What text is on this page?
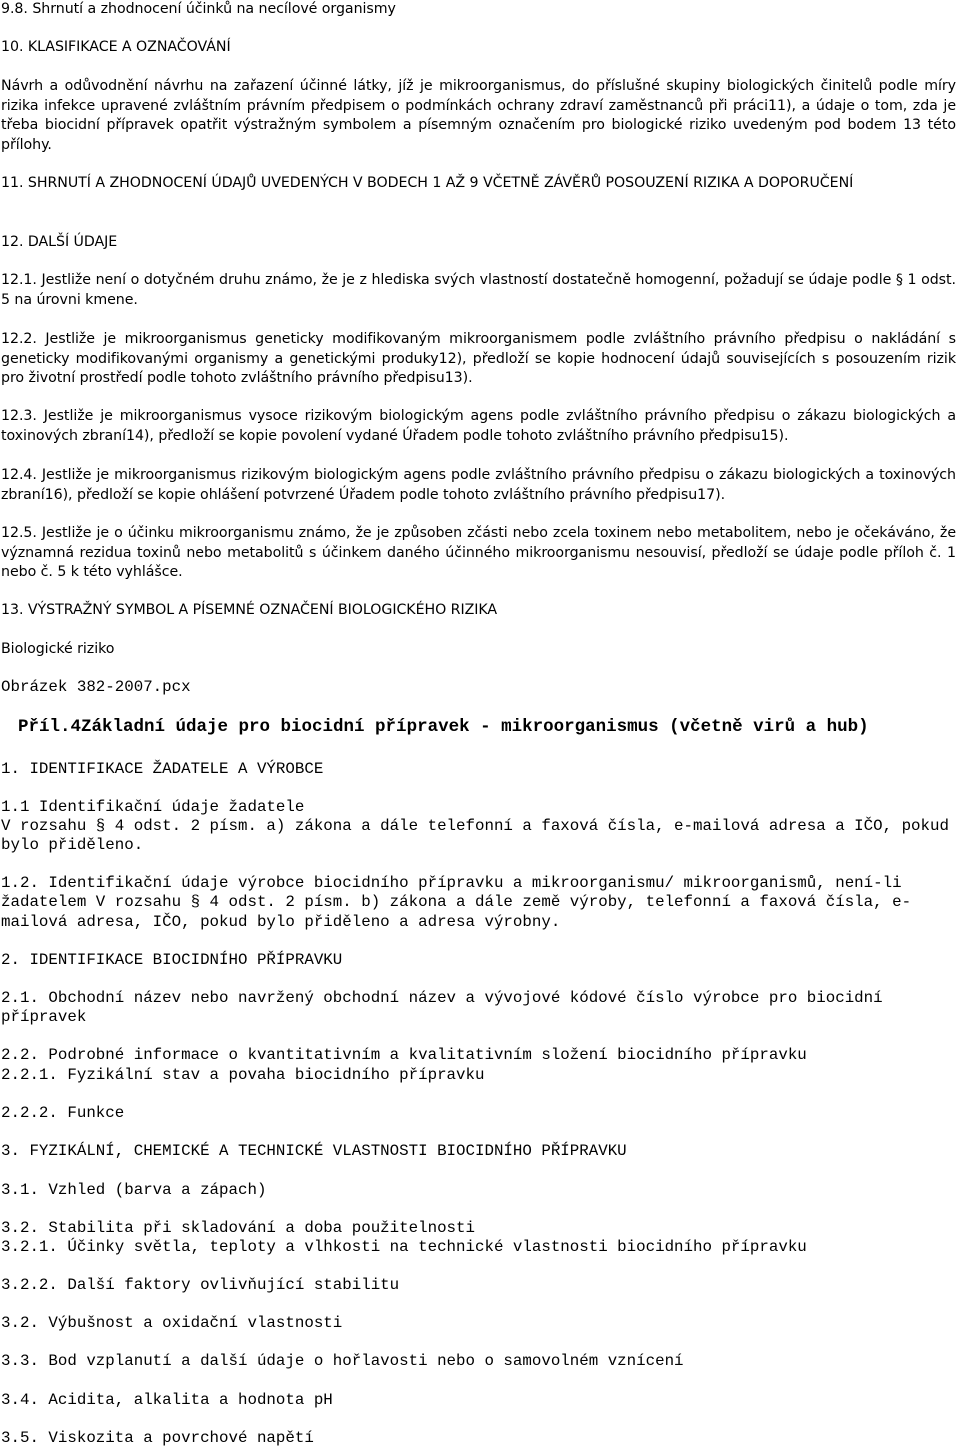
9.8. Shrnutí a zhodnocení účinků na necílové organismy
10. KLASIFIKACE A OZNAČOVÁNÍ
Návrh a odůvodnění návrhu na zařazení účinné látky, jíž je mikroorganismus, do příslušné skupiny biologických činitelů podle míry rizika infekce upravené zvláštním právním předpisem o podmínkách ochrany zdraví zaměstnanců při práci11), a údaje o tom, zda je třeba biocidní přípravek opatřit výstražným symbolem a písemným označením pro biologické riziko uvedeným pod bodem 13 této přílohy.
11. SHRNUTÍ A ZHODNOCENÍ ÚDAJŮ UVEDENÝCH V BODECH 1 AŽ 9 VČETNĚ ZÁVĚRŮ POSOUZENÍ RIZIKA A DOPORUČENÍ
12. DALŠÍ ÚDAJE
12.1. Jestliže není o dotyčném druhu známo, že je z hlediska svých vlastností dostatečně homogenní, požadují se údaje podle § 1 odst. 5 na úrovni kmene.
12.2. Jestliže je mikroorganismus geneticky modifikovaným mikroorganismem podle zvláštního právního předpisu o nakládání s geneticky modifikovanými organismy a genetickými produky12), předloží se kopie hodnocení údajů souvisejících s posouzením rizik pro životní prostředí podle tohoto zvláštního právního předpisu13).
12.3. Jestliže je mikroorganismus vysoce rizikovým biologickým agens podle zvláštního právního předpisu o zákazu biologických a toxinových zbraní14), předloží se kopie povolení vydané Úřadem podle tohoto zvláštního právního předpisu15).
12.4. Jestliže je mikroorganismus rizikovým biologickým agens podle zvláštního právního předpisu o zákazu biologických a toxinových zbraní16), předloží se kopie ohlášení potvrzené Úřadem podle tohoto zvláštního právního předpisu17).
12.5. Jestliže je o účinku mikroorganismu známo, že je způsoben zčásti nebo zcela toxinem nebo metabolitem, nebo je očekáváno, že významná rezidua toxinů nebo metabolitů s účinkem daného účinného mikroorganismu nesouvisí, předloží se údaje podle příloh č. 1 nebo č. 5 k této vyhlášce.
13. VÝSTRAŽNÝ SYMBOL A PÍSEMNÉ OZNAČENÍ BIOLOGICKÉHO RIZIKA
Biologické riziko
Obrázek 382-2007.pcx
Příl.4Základní údaje pro biocidní přípravek - mikroorganismus (včetně virů a hub)
1. IDENTIFIKACE ŽADATELE A VÝROBCE
1.1 Identifikační údaje žadatele
V rozsahu § 4 odst. 2 písm. a) zákona a dále telefonní a faxová čísla, e-mailová adresa a IČO, pokud bylo přiděleno.
1.2. Identifikační údaje výrobce biocidního přípravku a mikroorganismu/ mikroorganismů, není-li žadatelem V rozsahu § 4 odst. 2 písm. b) zákona a dále země výroby, telefonní a faxová čísla, e-mailová adresa, IČO, pokud bylo přiděleno a adresa výrobny.
2. IDENTIFIKACE BIOCIDNÍHO PŘÍPRAVKU
2.1. Obchodní název nebo navržený obchodní název a vývojové kódové číslo výrobce pro biocidní přípravek
2.2. Podrobné informace o kvantitativním a kvalitativním složení biocidního přípravku
2.2.1. Fyzikální stav a povaha biocidního přípravku
2.2.2. Funkce
3. FYZIKÁLNÍ, CHEMICKÉ A TECHNICKÉ VLASTNOSTI BIOCIDNÍHO PŘÍPRAVKU
3.1. Vzhled (barva a zápach)
3.2. Stabilita při skladování a doba použitelnosti
3.2.1. Účinky světla, teploty a vlhkosti na technické vlastnosti biocidního přípravku
3.2.2. Další faktory ovlivňující stabilitu
3.2. Výbušnost a oxidační vlastnosti
3.3. Bod vzplanutí a další údaje o hořlavosti nebo o samovolném vznícení
3.4. Acidita, alkalita a hodnota pH
3.5. Viskozita a povrchové napětí
